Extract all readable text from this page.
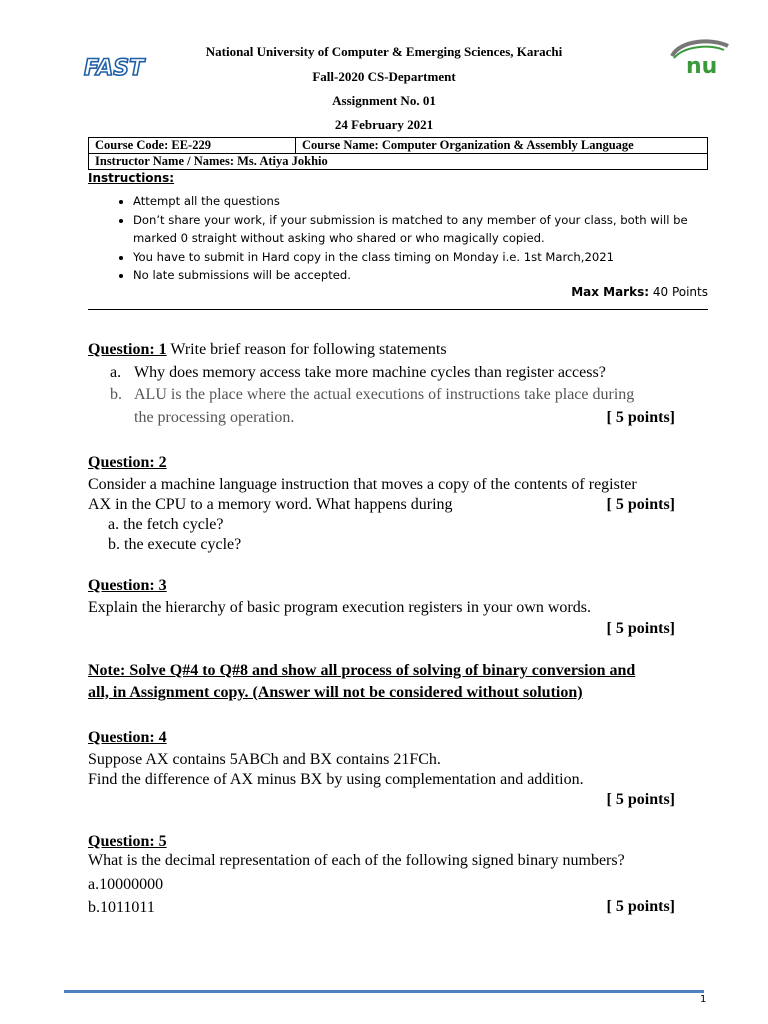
FAST	nu
National University of Computer & Emerging Sciences, Karachi
Fall-2020 CS-Department
Assignment No. 01
24 February 2021
Course Code: EE-229	Course Name: Computer Organization & Assembly Language
Instructor Name / Names: Ms. Atiya Jokhio
Instructions:
• Attempt all the questions
• Don’t share your work, if your submission is matched to any member of your class, both will be marked 0 straight without asking who shared or who magically copied.
• You have to submit in Hard copy in the class timing on Monday i.e. 1st March,2021
• No late submissions will be accepted.
Max Marks: 40 Points
Question: 1 Write brief reason for following statements
a. Why does memory access take more machine cycles than register access?
b. ALU is the place where the actual executions of instructions take place during
the processing operation.	[ 5 points]
Question: 2
Consider a machine language instruction that moves a copy of the contents of register
AX in the CPU to a memory word. What happens during	[ 5 points]
a. the fetch cycle?
b. the execute cycle?
Question: 3
Explain the hierarchy of basic program execution registers in your own words.
[ 5 points]
Note: Solve Q#4 to Q#8 and show all process of solving of binary conversion and
all, in Assignment copy. (Answer will not be considered without solution)
Question: 4
Suppose AX contains 5ABCh and BX contains 21FCh.
Find the difference of AX minus BX by using complementation and addition.
[ 5 points]
Question: 5
What is the decimal representation of each of the following signed binary numbers?
a.10000000
b.1011011	[ 5 points]
1
